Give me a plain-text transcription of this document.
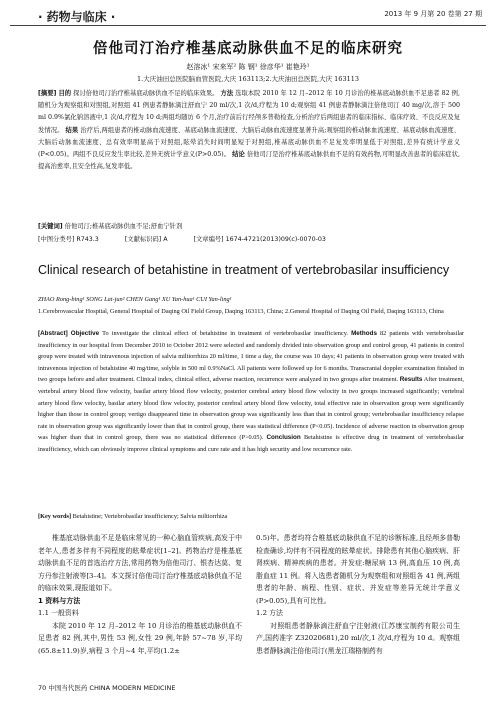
· 药物与临床 ·	2013 年 9 月第 20 卷第 27 期
倍他司汀治疗椎基底动脉供血不足的临床研究
赵溶冰¹ 宋来军² 陈 钢¹ 徐彦华¹ 崔艳玲¹
1.大庆油田总医院脑血管医院,大庆 163113;2.大庆油田总医院,大庆 163113
[摘要] 目的 探讨倍他司汀治疗椎基底动脉供血不足的临床效果。 方法 选取本院 2010 年 12 月–2012 年 10 月诊治的椎基底动脉供血不足患者 82 例,随机分为观察组和对照组,对照组 41 例患者静脉滴注舒血宁 20 ml/次,1 次/d,疗程为 10 d;观察组 41 例患者静脉滴注倍他司汀 40 mg/次,溶于 500 ml 0.9%氯化钠溶液中,1 次/d,疗程为 10 d;两组均随访 6 个月,治疗前后行经颅多普勒检查,分析治疗后两组患者的临床指标、临床疗效、不良反应及复发情况。 结果 治疗后,两组患者的椎动脉血流速度、基底动脉血流速度、大脑后动脉血流速度显著升高;观察组的椎动脉血流速度、基底动脉血流速度、大脑后动脉血流速度、总有效率明显高于对照组,眩晕消失时间明显短于对照组,椎基底动脉供血不足复发率明显低于对照组,差异有统计学意义(P<0.05)。两组不良反应发生率比较,差异无统计学意义(P>0.05)。 结论 倍他司汀是治疗椎基底动脉供血不足的有效药物,可明显改善患者的临床症状,提高治愈率,且安全性高,复发率低。
[关键词] 倍他司汀;椎基底动脉供血不足;舒血宁针剂
[中图分类号] R743.3	[文献标识码] A	[文章编号] 1674-4721(2013)09(c)-0070-03
Clinical research of betahistine in treatment of vertebrobasilar insufficiency
ZHAO Rong-bing¹ SONG Lai-jun² CHEN Gang¹ XU Yan-hua¹ CUI Yan-ling¹
1.Cerebrovascular Hospital, General Hospital of Daqing Oil Field Group, Daqing 163113, China; 2.General Hospital of Daqing Oil Field, Daqing 163113, China
[Abstract] Objective To investigate the clinical effect of betahistine in treatment of vertebrobasilar insufficiency. Methods 82 patients with vertebrobasilar insufficiency in our hospital from December 2010 to October 2012 were selected and randomly divided into observation group and control group, 41 patients in control group were treated with intravenous injection of salvia miltiorrhiza 20 ml/time, 1 time a day, the course was 10 days; 41 patients in observation group were treated with intravenous injection of betahistine 40 mg/time, solyble in 500 ml 0.9%NaCl. All patients were followed up for 6 months. Transcranial doppler examination finished in two groups before and after treatment. Clinical index, clinical effect, adverse reaction, recurrence were analyzed in two groups after treatment. Results After treatment, vertebral artery blood flow velocity, basilar artery blood flow velocity, posterior cerebral artery blood flow velocity in two groups increased significantly; vertebral artery blood flow velocity, basilar artery blood flow velocity, posterior cerebral artery blood flow velocity, total effective rate in observation group were significantly higher than those in control group; vertigo disappeared time in observation group was significantly less than that in control group; vertebrobasilar insufficiency relapse rate in observation group was significantly lower than that in control group, there was statistical difference (P<0.05). Incidence of adverse reaction in observation group was higher than that in control group, there was no statistical difference (P>0.05). Conclusion Betahistine is effective drug in treatment of vertebrobasilar insufficiency, which can obviously improve clinical symptoms and cure rate and it has high security and low recurrence rate.
[Key words] Betahistine; Vertebrobasilar insufficiency; Salvia miltiorrhiza

椎基底动脉供血不足是临床常见的一种心脑血管疾病,高发于中老年人,患者多伴有不同程度的眩晕症状[1–2]。药物治疗是椎基底动脉供血不足的首选治疗方法,常用药物为倍他司汀、银杏达莫、复方丹参注射液等[3–4]。本文探讨倍他司汀治疗椎基底动脉供血不足的临床效果,现报道如下。

1 资料与方法
1.1 一般资料

本院 2010 年 12 月–2012 年 10 月诊治的椎基底动脉供血不足患者 82 例,其中,男性 53 例,女性 29 例,年龄 57~78 岁,平均(65.8±11.9)岁,病程 3 个月~4 年,平均(1.2±

0.5)年。患者均符合椎基底动脉供血不足的诊断标准,且经颅多普勒检查确诊,均伴有不同程度的眩晕症状。排除患有其他心脑疾病、肝肾疾病、精神疾病的患者。并发症:糖尿病 13 例,高血压 10 例,高脂血症 11 例。将入选患者随机分为观察组和对照组各 41 例,两组患者的年龄、病程、性别、症状、并发症等差异无统计学意义(P>0.05),具有可比性。

1.2 方法

对照组患者静脉滴注舒血宁注射液(江苏康宝制药有限公司生产,国药准字 Z32020681),20 ml/次,1 次/d,疗程为 10 d。观察组患者静脉滴注倍他司汀(黑龙江瑞格制药有

70 中国当代医药 CHINA MODERN MEDICINE
